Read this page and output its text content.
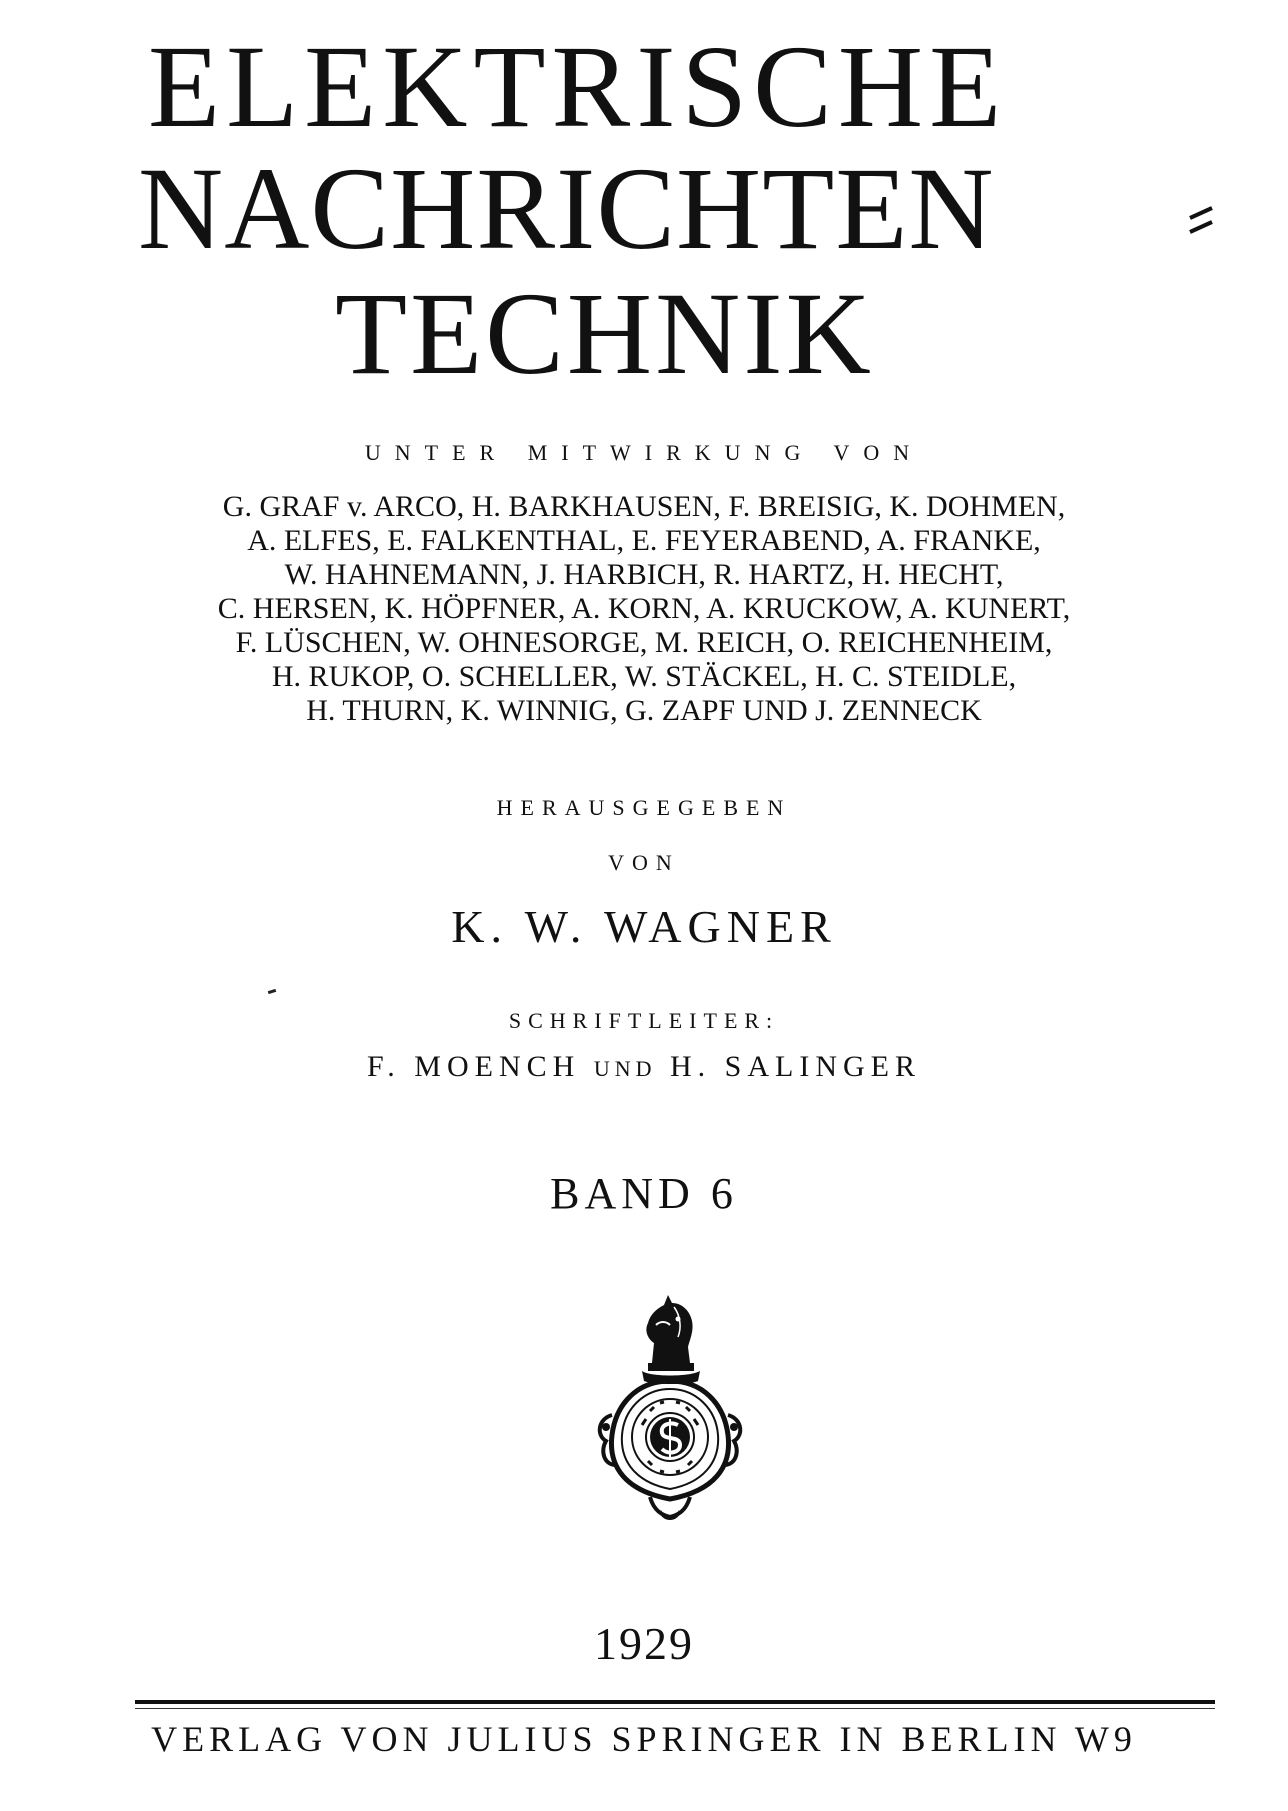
ELEKTRISCHE
NACHRICHTEN
TECHNIK
UNTER MITWIRKUNG VON
G. GRAF v. ARCO, H. BARKHAUSEN, F. BREISIG, K. DOHMEN,
A. ELFES, E. FALKENTHAL, E. FEYERABEND, A. FRANKE,
W. HAHNEMANN, J. HARBICH, R. HARTZ, H. HECHT,
C. HERSEN, K. HÖPFNER, A. KORN, A. KRUCKOW, A. KUNERT,
F. LÜSCHEN, W. OHNESORGE, M. REICH, O. REICHENHEIM,
H. RUKOP, O. SCHELLER, W. STÄCKEL, H. C. STEIDLE,
H. THURN, K. WINNIG, G. ZAPF UND J. ZENNECK
HERAUSGEGEBEN
VON
K. W. WAGNER
SCHRIFTLEITER:
F. MOENCH UND H. SALINGER
BAND 6
1929
VERLAG VON JULIUS SPRINGER IN BERLIN W9
